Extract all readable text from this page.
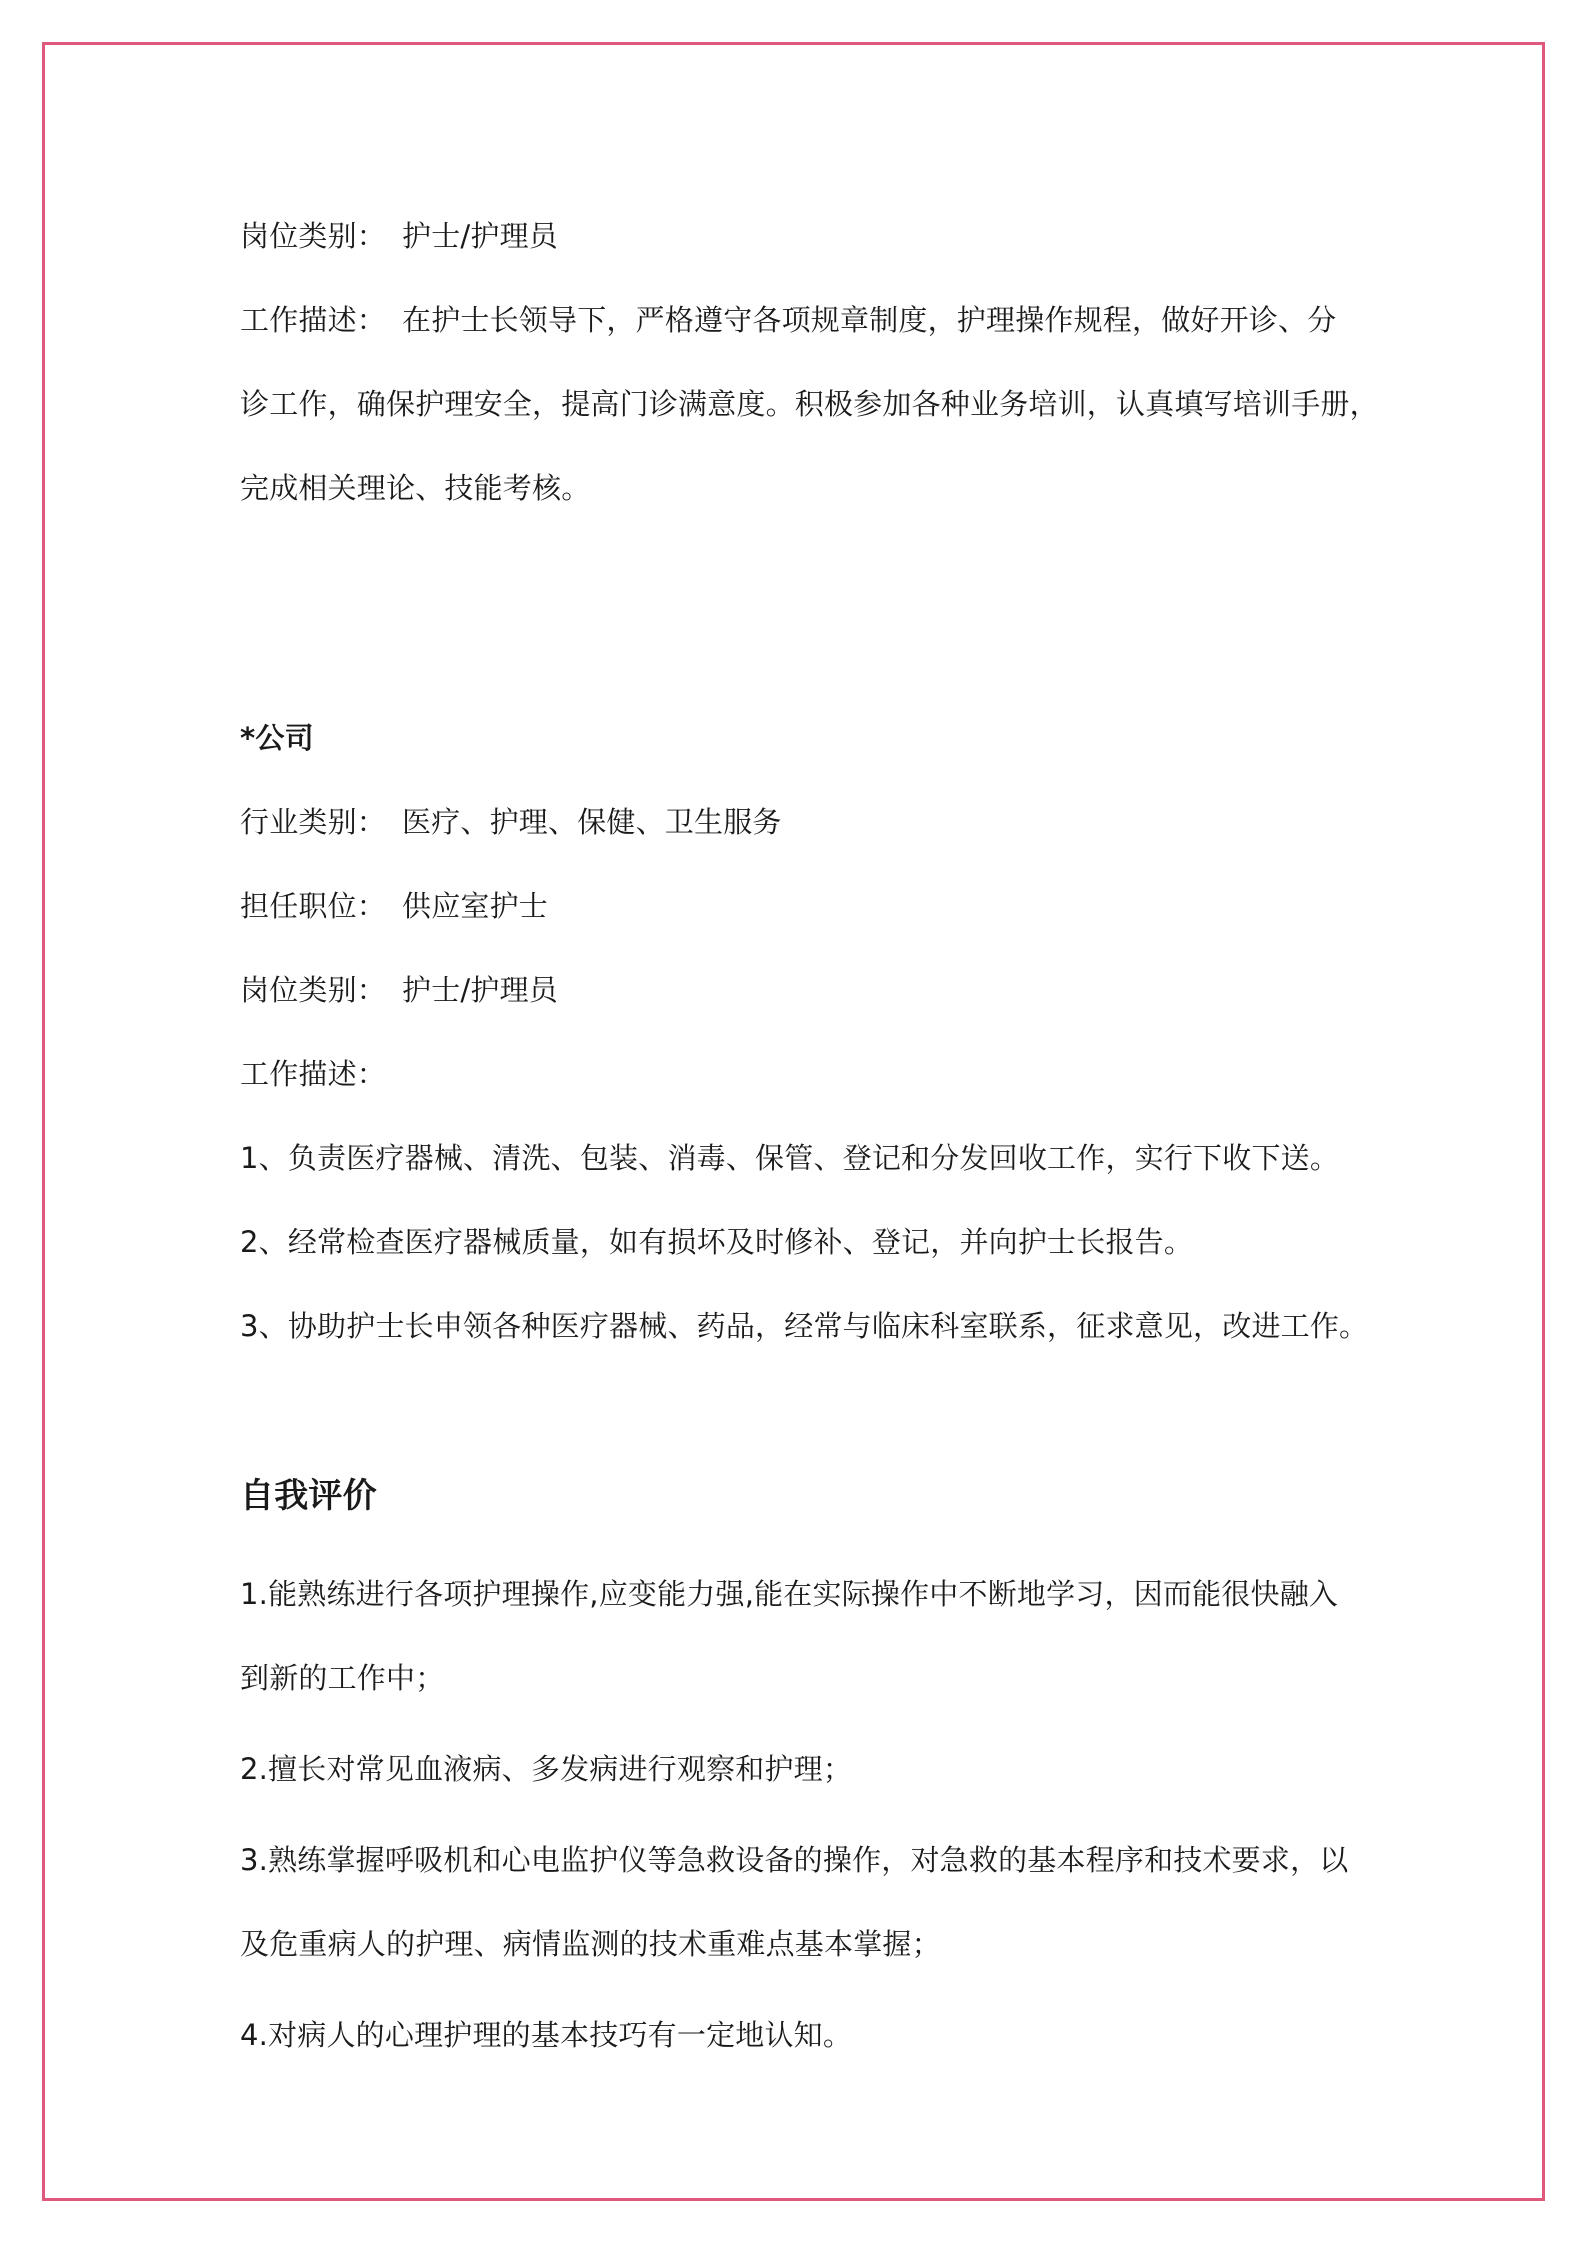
岗位类别： 护士/护理员
工作描述： 在护士长领导下，严格遵守各项规章制度，护理操作规程，做好开诊、分
诊工作，确保护理安全，提高门诊满意度。积极参加各种业务培训，认真填写培训手册，
完成相关理论、技能考核。
*公司
行业类别： 医疗、护理、保健、卫生服务
担任职位： 供应室护士
岗位类别： 护士/护理员
工作描述：
1、负责医疗器械、清洗、包装、消毒、保管、登记和分发回收工作，实行下收下送。
2、经常检查医疗器械质量，如有损坏及时修补、登记，并向护士长报告。
3、协助护士长申领各种医疗器械、药品，经常与临床科室联系，征求意见，改进工作。
自我评价
1.能熟练进行各项护理操作,应变能力强,能在实际操作中不断地学习，因而能很快融入
到新的工作中；
2.擅长对常见血液病、多发病进行观察和护理；
3.熟练掌握呼吸机和心电监护仪等急救设备的操作，对急救的基本程序和技术要求，以
及危重病人的护理、病情监测的技术重难点基本掌握；
4.对病人的心理护理的基本技巧有一定地认知。
